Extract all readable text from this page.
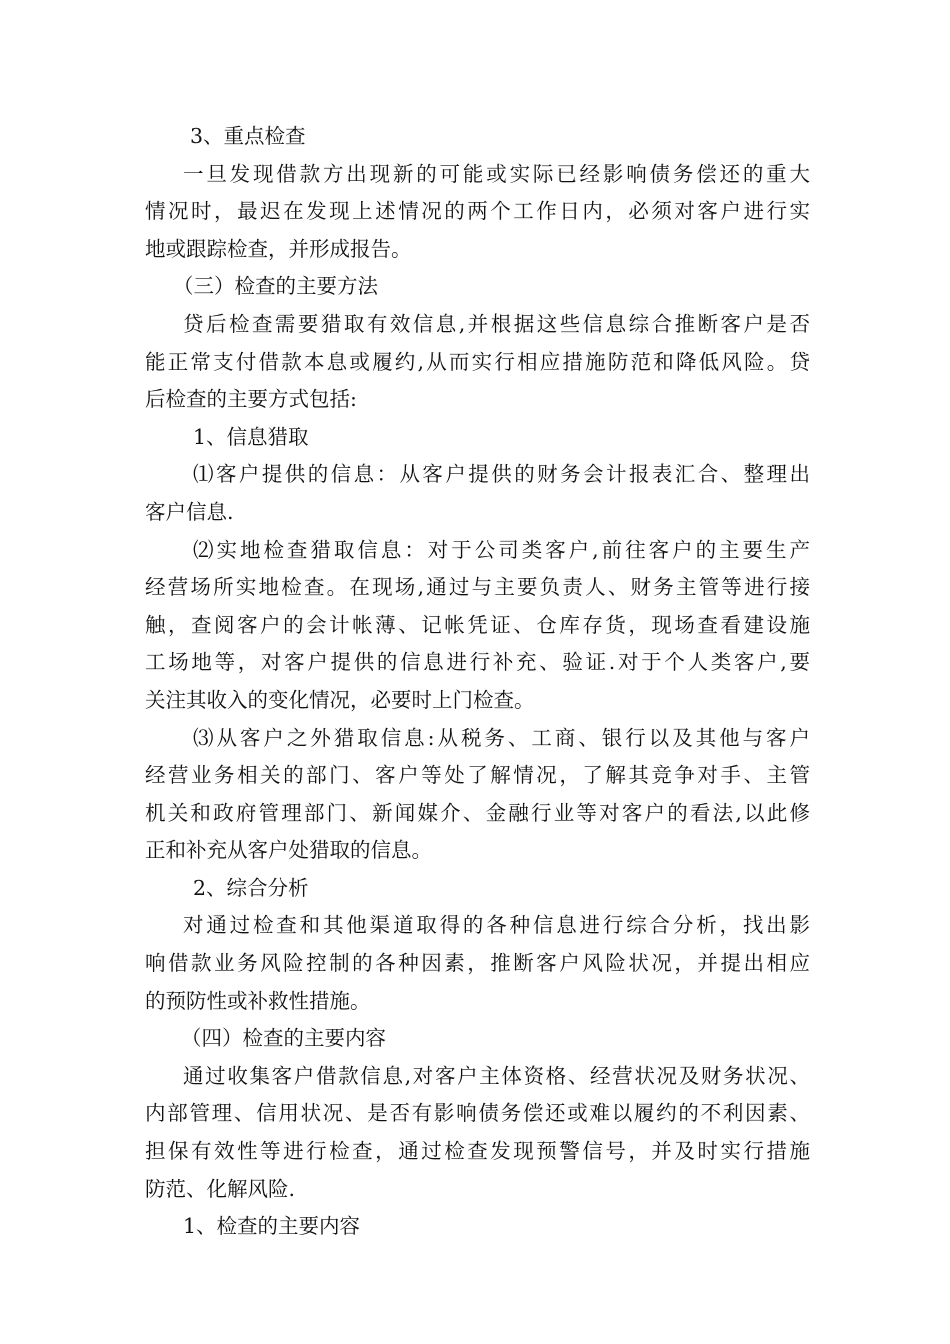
3、重点检查
一旦发现借款方出现新的可能或实际已经影响债务偿还的重大
情况时，最迟在发现上述情况的两个工作日内，必须对客户进行实
地或跟踪检查，并形成报告。
（三）检查的主要方法
贷后检查需要猎取有效信息,并根据这些信息综合推断客户是否
能正常支付借款本息或履约,从而实行相应措施防范和降低风险。贷
后检查的主要方式包括:
1、信息猎取
⑴客户提供的信息：从客户提供的财务会计报表汇合、整理出
客户信息.
⑵实地检查猎取信息：对于公司类客户,前往客户的主要生产
经营场所实地检查。在现场,通过与主要负责人、财务主管等进行接
触，查阅客户的会计帐薄、记帐凭证、仓库存货，现场查看建设施
工场地等，对客户提供的信息进行补充、验证.对于个人类客户,要
关注其收入的变化情况，必要时上门检查。
⑶从客户之外猎取信息:从税务、工商、银行以及其他与客户
经营业务相关的部门、客户等处了解情况，了解其竞争对手、主管
机关和政府管理部门、新闻媒介、金融行业等对客户的看法,以此修
正和补充从客户处猎取的信息。
2、综合分析
对通过检查和其他渠道取得的各种信息进行综合分析，找出影
响借款业务风险控制的各种因素，推断客户风险状况，并提出相应
的预防性或补救性措施。
（四）检查的主要内容
通过收集客户借款信息,对客户主体资格、经营状况及财务状况、
内部管理、信用状况、是否有影响债务偿还或难以履约的不利因素、
担保有效性等进行检查，通过检查发现预警信号，并及时实行措施
防范、化解风险.
1、检查的主要内容
